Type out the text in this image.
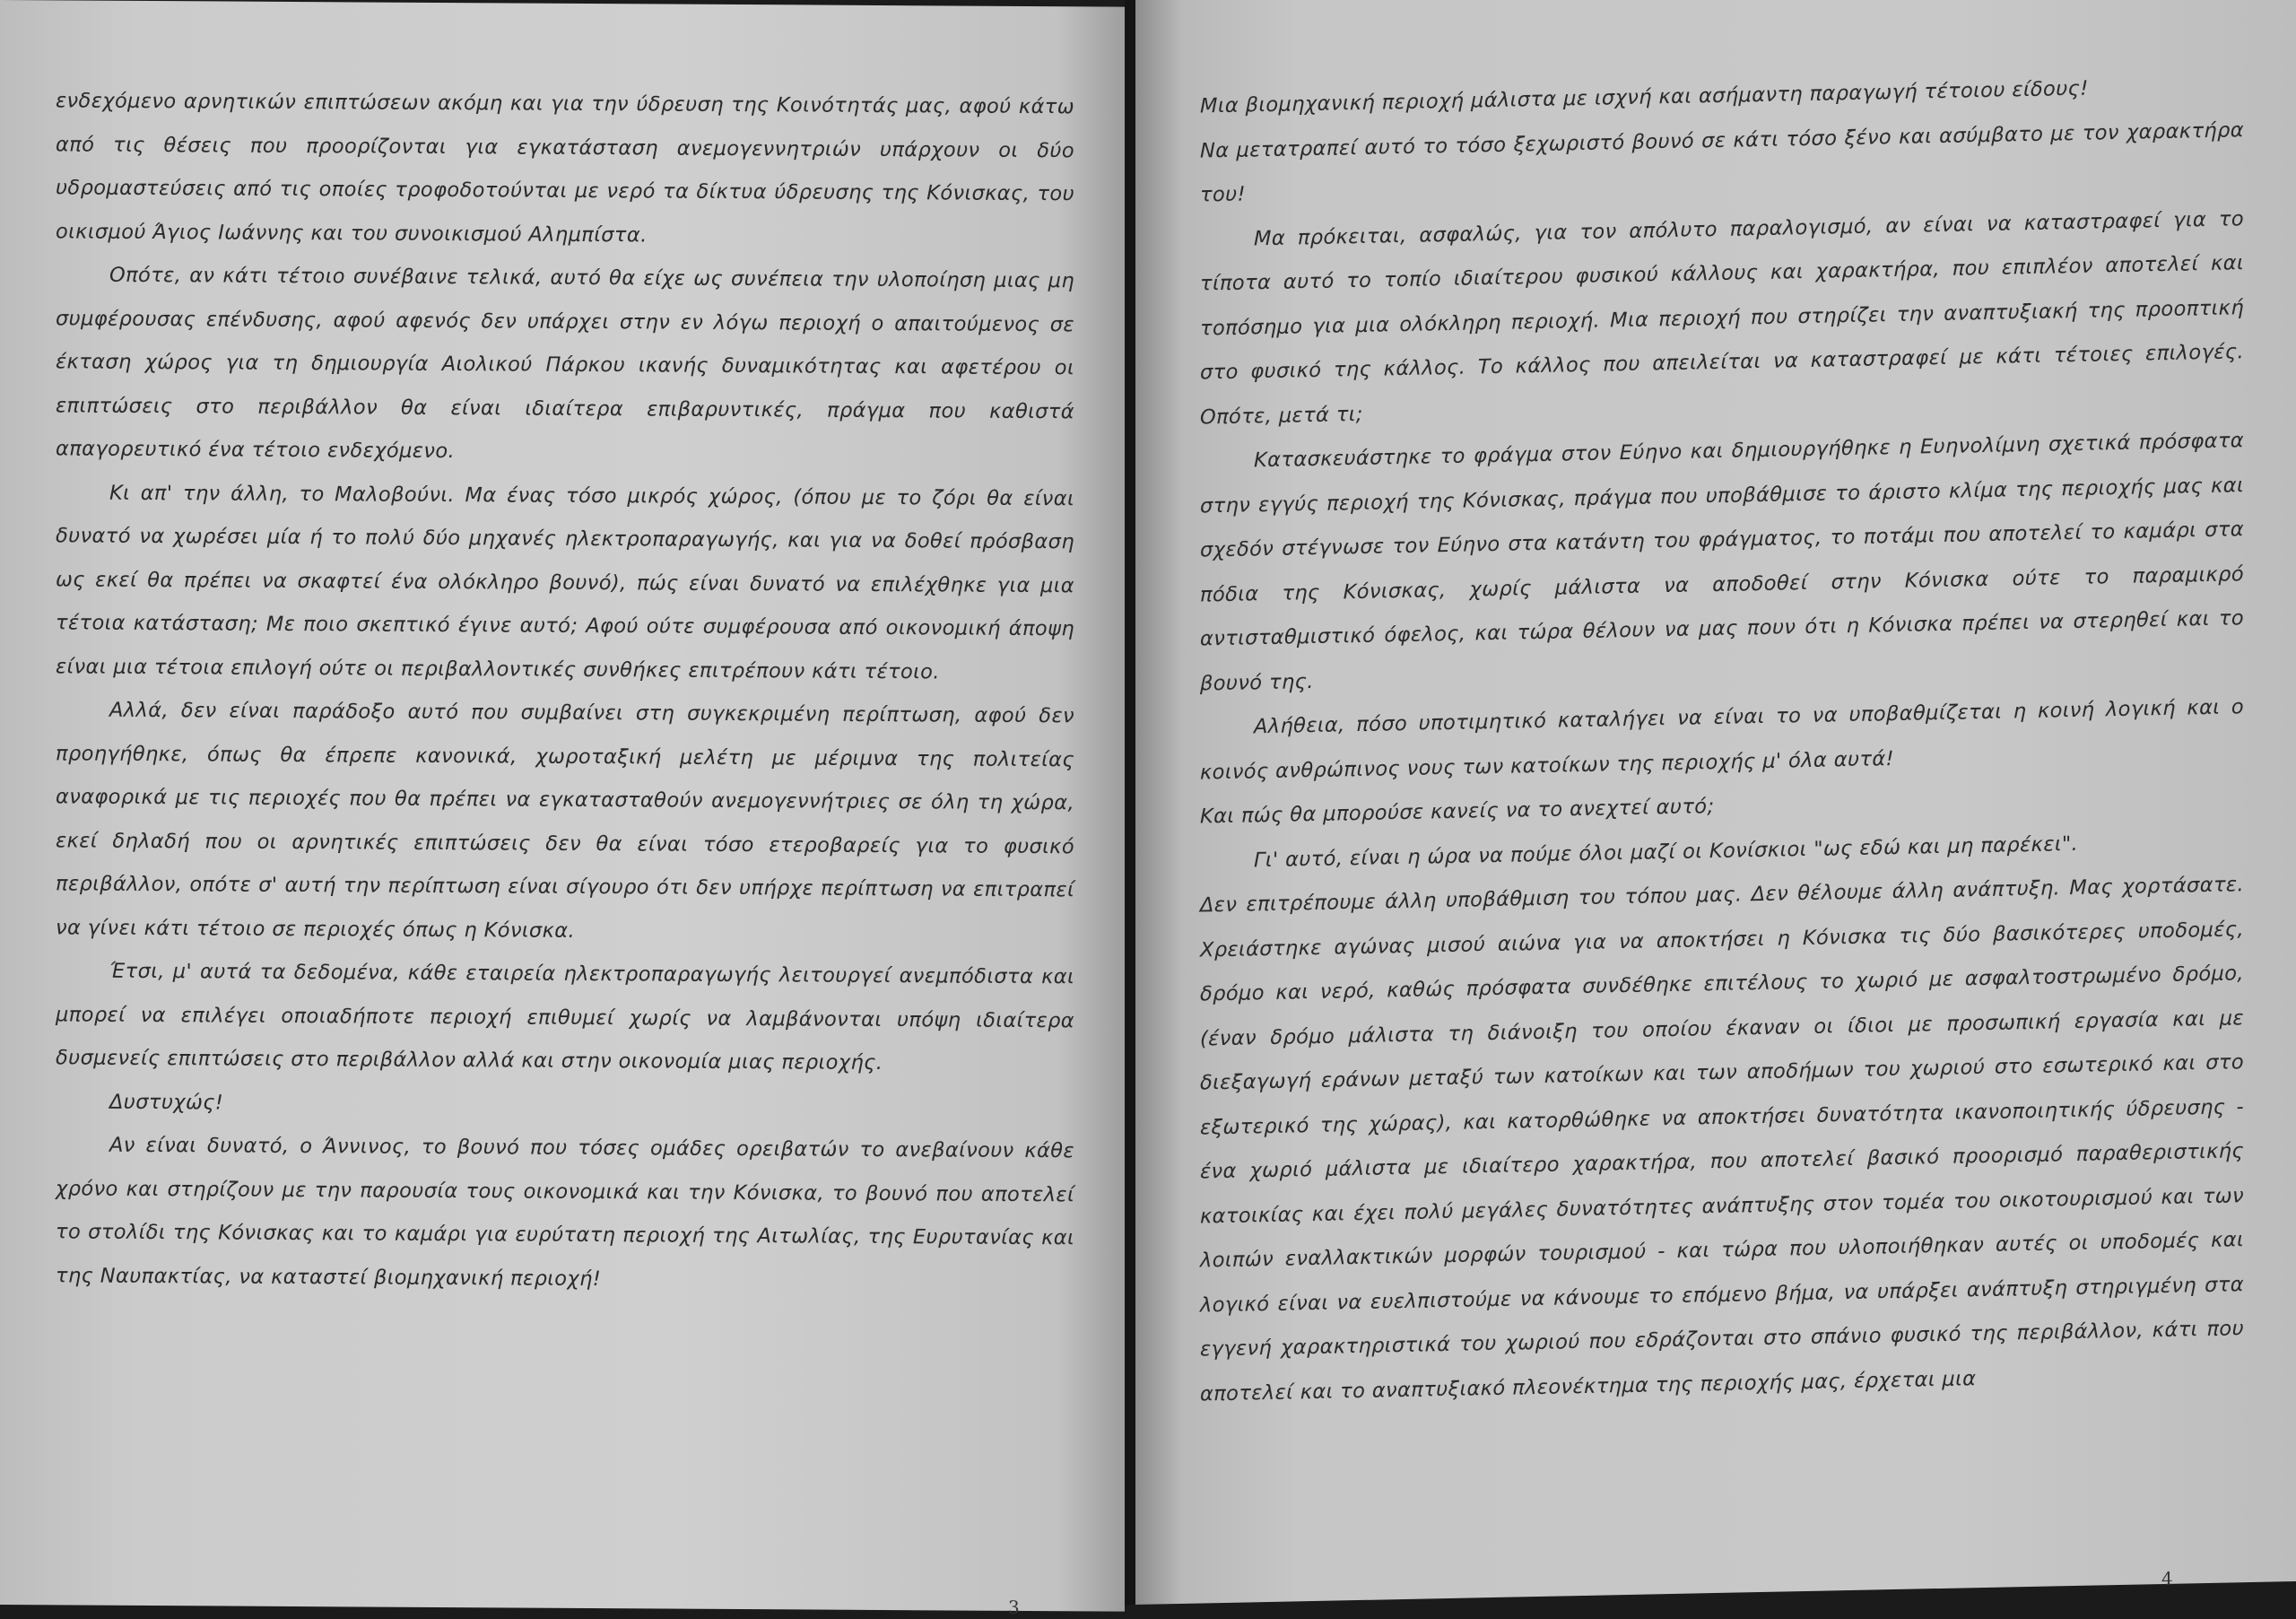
ενδεχόμενο αρνητικών επιπτώσεων ακόμη και για την ύδρευση της Κοινότητάς μας, αφού κάτω από τις θέσεις που προορίζονται για εγκατάσταση ανεμογεννητριών υπάρχουν οι δύο υδρομαστεύσεις από τις οποίες τροφοδοτούνται με νερό τα δίκτυα ύδρευσης της Κόνισκας, του οικισμού Άγιος Ιωάννης και του συνοικισμού Αλημπίστα.

Οπότε, αν κάτι τέτοιο συνέβαινε τελικά, αυτό θα είχε ως συνέπεια την υλοποίηση μιας μη συμφέρουσας επένδυσης, αφού αφενός δεν υπάρχει στην εν λόγω περιοχή ο απαιτούμενος σε έκταση χώρος για τη δημιουργία Αιολικού Πάρκου ικανής δυναμικότητας και αφετέρου οι επιπτώσεις στο περιβάλλον θα είναι ιδιαίτερα επιβαρυντικές, πράγμα που καθιστά απαγορευτικό ένα τέτοιο ενδεχόμενο.

Κι απ' την άλλη, το Μαλοβούνι. Μα ένας τόσο μικρός χώρος, (όπου με το ζόρι θα είναι δυνατό να χωρέσει μία ή το πολύ δύο μηχανές ηλεκτροπαραγωγής, και για να δοθεί πρόσβαση ως εκεί θα πρέπει να σκαφτεί ένα ολόκληρο βουνό), πώς είναι δυνατό να επιλέχθηκε για μια τέτοια κατάσταση; Με ποιο σκεπτικό έγινε αυτό; Αφού ούτε συμφέρουσα από οικονομική άποψη είναι μια τέτοια επιλογή ούτε οι περιβαλλοντικές συνθήκες επιτρέπουν κάτι τέτοιο.

Αλλά, δεν είναι παράδοξο αυτό που συμβαίνει στη συγκεκριμένη περίπτωση, αφού δεν προηγήθηκε, όπως θα έπρεπε κανονικά, χωροταξική μελέτη με μέριμνα της πολιτείας αναφορικά με τις περιοχές που θα πρέπει να εγκατασταθούν ανεμογεννήτριες σε όλη τη χώρα, εκεί δηλαδή που οι αρνητικές επιπτώσεις δεν θα είναι τόσο ετεροβαρείς για το φυσικό περιβάλλον, οπότε σ' αυτή την περίπτωση είναι σίγουρο ότι δεν υπήρχε περίπτωση να επιτραπεί να γίνει κάτι τέτοιο σε περιοχές όπως η Κόνισκα.

Έτσι, μ' αυτά τα δεδομένα, κάθε εταιρεία ηλεκτροπαραγωγής λειτουργεί ανεμπόδιστα και μπορεί να επιλέγει οποιαδήποτε περιοχή επιθυμεί χωρίς να λαμβάνονται υπόψη ιδιαίτερα δυσμενείς επιπτώσεις στο περιβάλλον αλλά και στην οικονομία μιας περιοχής.

Δυστυχώς!

Αν είναι δυνατό, ο Άννινος, το βουνό που τόσες ομάδες ορειβατών το ανεβαίνουν κάθε χρόνο και στηρίζουν με την παρουσία τους οικονομικά και την Κόνισκα, το βουνό που αποτελεί το στολίδι της Κόνισκας και το καμάρι για ευρύτατη περιοχή της Αιτωλίας, της Ευρυτανίας και της Ναυπακτίας, να καταστεί βιομηχανική περιοχή!

3

Μια βιομηχανική περιοχή μάλιστα με ισχνή και ασήμαντη παραγωγή τέτοιου είδους!

Να μετατραπεί αυτό το τόσο ξεχωριστό βουνό σε κάτι τόσο ξένο και ασύμβατο με τον χαρακτήρα του!

Μα πρόκειται, ασφαλώς, για τον απόλυτο παραλογισμό, αν είναι να καταστραφεί για το τίποτα αυτό το τοπίο ιδιαίτερου φυσικού κάλλους και χαρακτήρα, που επιπλέον αποτελεί και τοπόσημο για μια ολόκληρη περιοχή. Μια περιοχή που στηρίζει την αναπτυξιακή της προοπτική στο φυσικό της κάλλος. Το κάλλος που απειλείται να καταστραφεί με κάτι τέτοιες επιλογές. Οπότε, μετά τι;

Κατασκευάστηκε το φράγμα στον Εύηνο και δημιουργήθηκε η Ευηνολίμνη σχετικά πρόσφατα στην εγγύς περιοχή της Κόνισκας, πράγμα που υποβάθμισε το άριστο κλίμα της περιοχής μας και σχεδόν στέγνωσε τον Εύηνο στα κατάντη του φράγματος, το ποτάμι που αποτελεί το καμάρι στα πόδια της Κόνισκας, χωρίς μάλιστα να αποδοθεί στην Κόνισκα ούτε το παραμικρό αντισταθμιστικό όφελος, και τώρα θέλουν να μας πουν ότι η Κόνισκα πρέπει να στερηθεί και το βουνό της.

Αλήθεια, πόσο υποτιμητικό καταλήγει να είναι το να υποβαθμίζεται η κοινή λογική και ο κοινός ανθρώπινος νους των κατοίκων της περιοχής μ' όλα αυτά!

Και πώς θα μπορούσε κανείς να το ανεχτεί αυτό;

Γι' αυτό, είναι η ώρα να πούμε όλοι μαζί οι Κονίσκιοι "ως εδώ και μη παρέκει".

Δεν επιτρέπουμε άλλη υποβάθμιση του τόπου μας. Δεν θέλουμε άλλη ανάπτυξη. Μας χορτάσατε. Χρειάστηκε αγώνας μισού αιώνα για να αποκτήσει η Κόνισκα τις δύο βασικότερες υποδομές, δρόμο και νερό, καθώς πρόσφατα συνδέθηκε επιτέλους το χωριό με ασφαλτοστρωμένο δρόμο, (έναν δρόμο μάλιστα τη διάνοιξη του οποίου έκαναν οι ίδιοι με προσωπική εργασία και με διεξαγωγή εράνων μεταξύ των κατοίκων και των αποδήμων του χωριού στο εσωτερικό και στο εξωτερικό της χώρας), και κατορθώθηκε να αποκτήσει δυνατότητα ικανοποιητικής ύδρευσης - ένα χωριό μάλιστα με ιδιαίτερο χαρακτήρα, που αποτελεί βασικό προορισμό παραθεριστικής κατοικίας και έχει πολύ μεγάλες δυνατότητες ανάπτυξης στον τομέα του οικοτουρισμού και των λοιπών εναλλακτικών μορφών τουρισμού - και τώρα που υλοποιήθηκαν αυτές οι υποδομές και λογικό είναι να ευελπιστούμε να κάνουμε το επόμενο βήμα, να υπάρξει ανάπτυξη στηριγμένη στα εγγενή χαρακτηριστικά του χωριού που εδράζονται στο σπάνιο φυσικό της περιβάλλον, κάτι που αποτελεί και το αναπτυξιακό πλεονέκτημα της περιοχής μας, έρχεται μια

4
